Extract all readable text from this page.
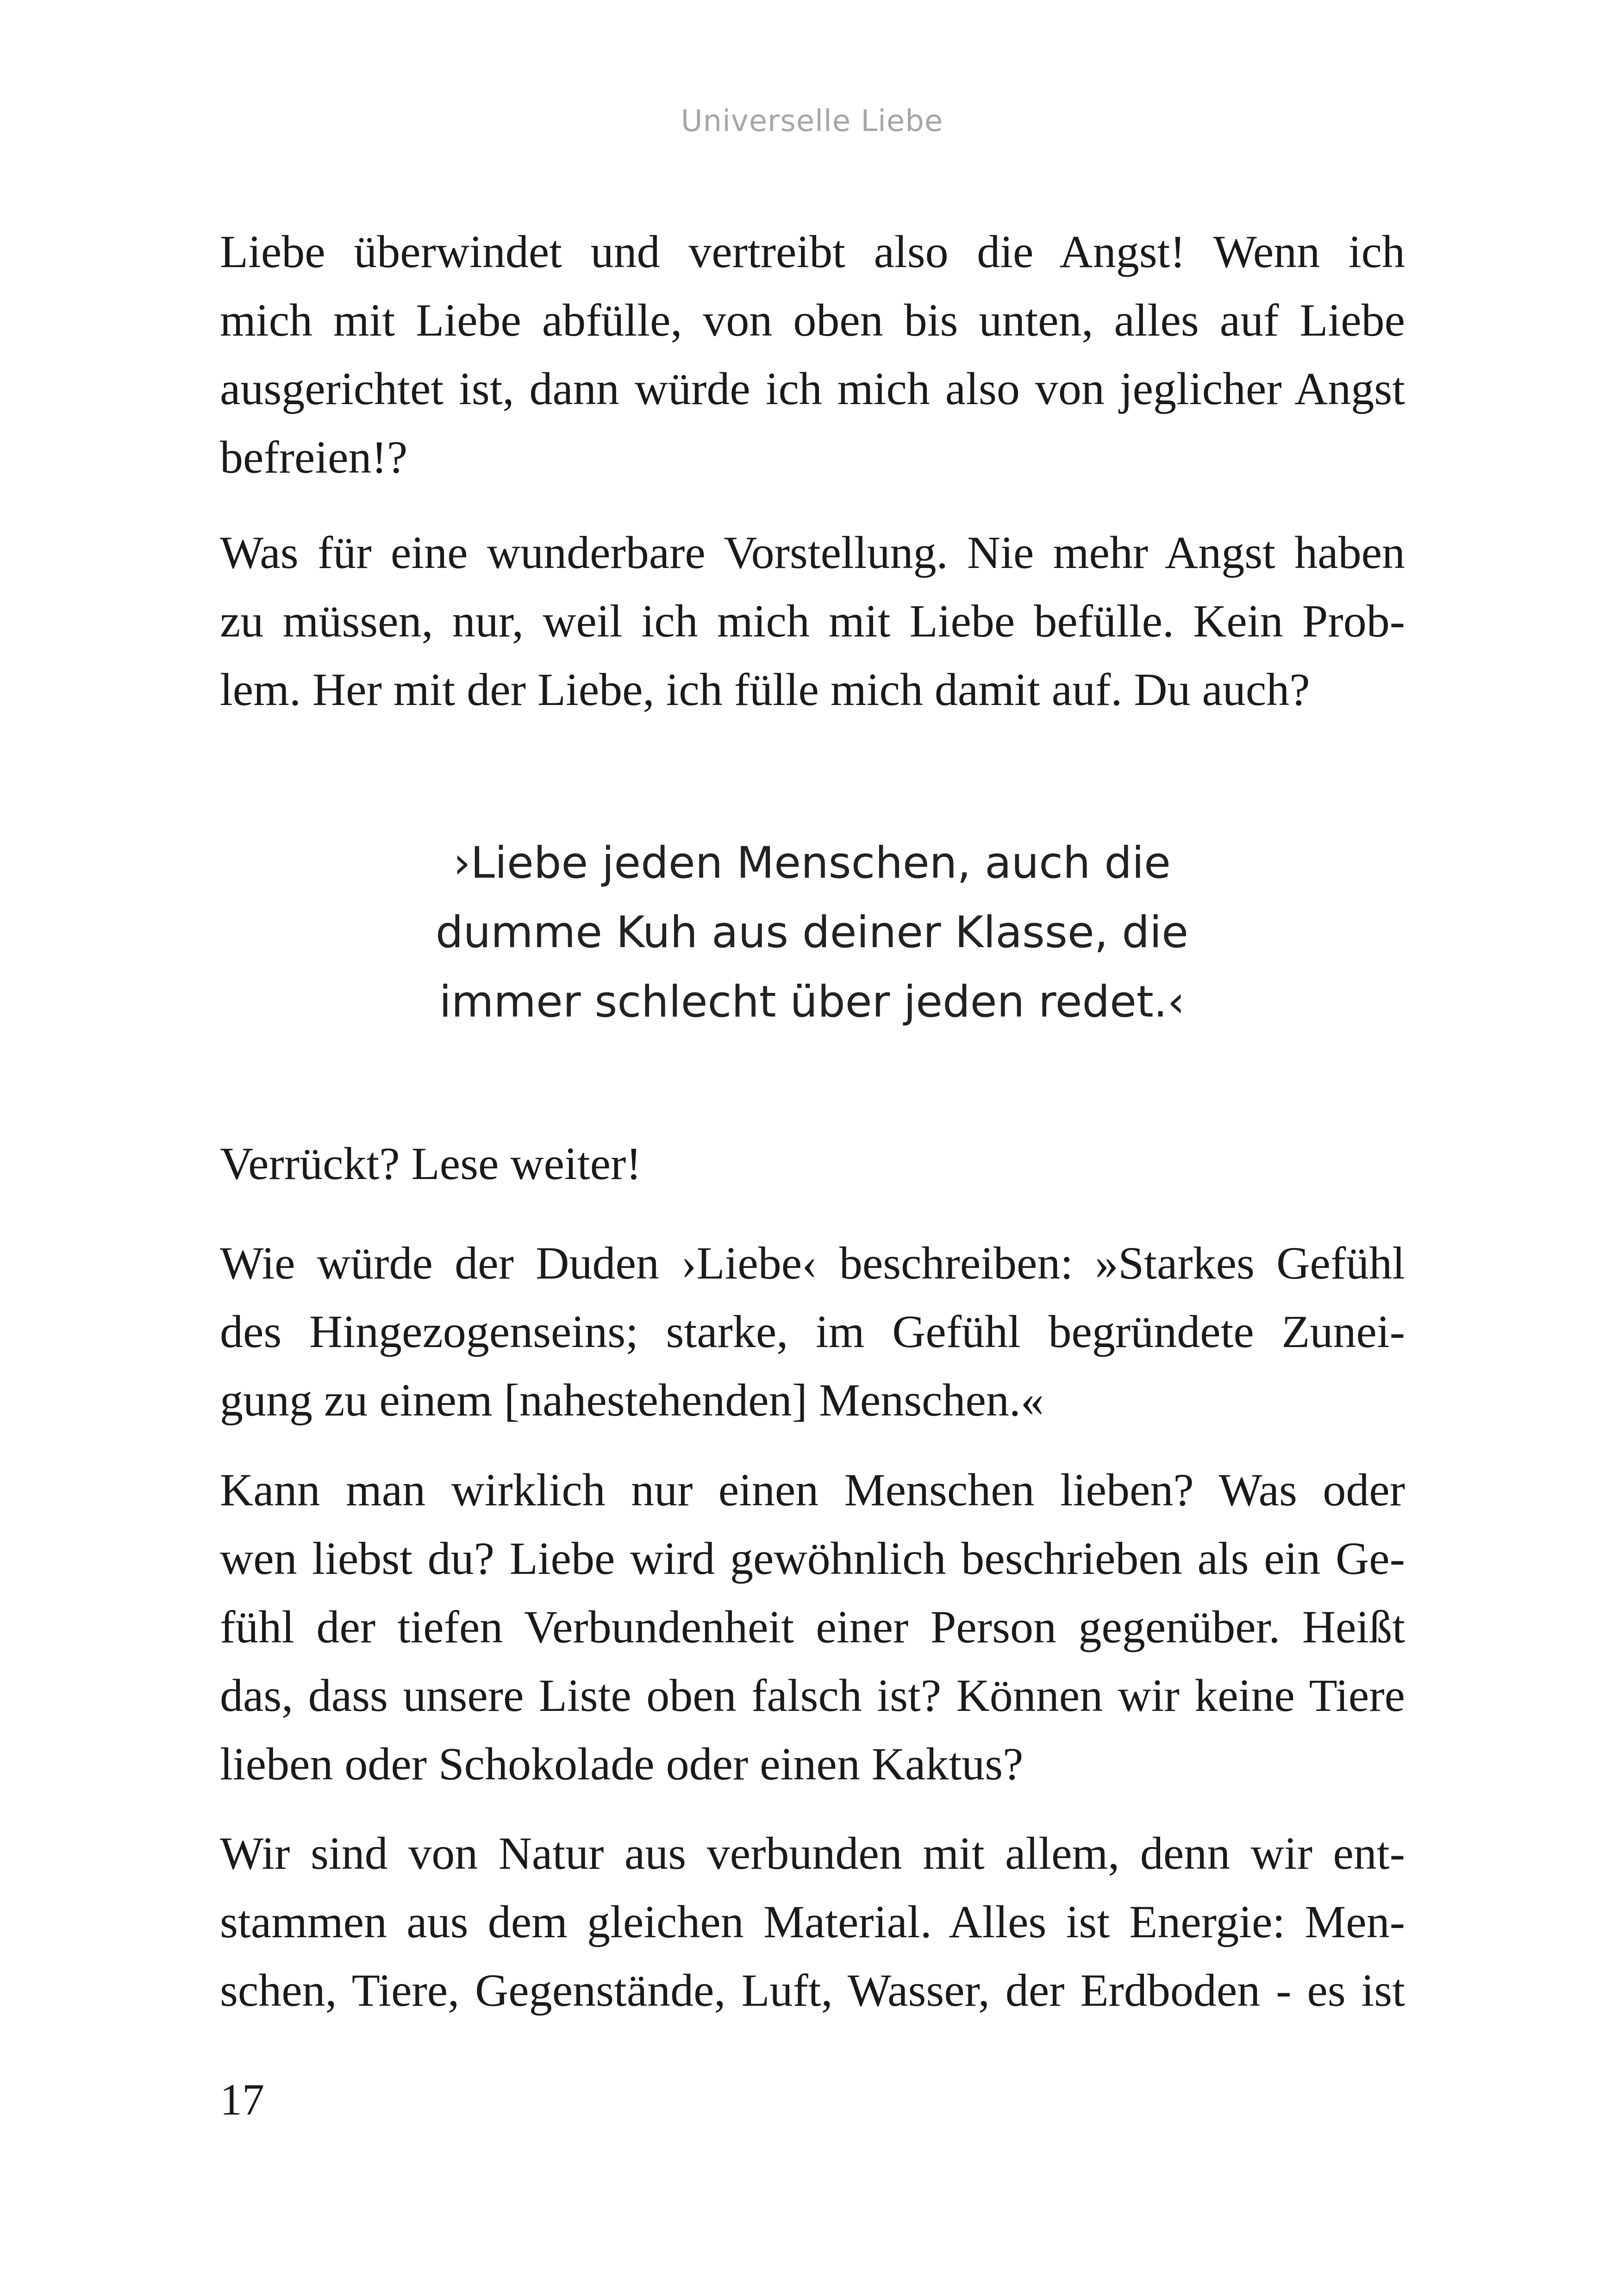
Universelle Liebe

Liebe überwindet und vertreibt also die Angst! Wenn ich
mich mit Liebe abfülle, von oben bis unten, alles auf Liebe
ausgerichtet ist, dann würde ich mich also von jeglicher Angst
befreien!?

Was für eine wunderbare Vorstellung. Nie mehr Angst haben
zu müssen, nur, weil ich mich mit Liebe befülle. Kein Prob-
lem. Her mit der Liebe, ich fülle mich damit auf. Du auch?

›Liebe jeden Menschen, auch die
dumme Kuh aus deiner Klasse, die
immer schlecht über jeden redet.‹

Verrückt? Lese weiter!

Wie würde der Duden ›Liebe‹ beschreiben: »Starkes Gefühl
des Hingezogenseins; starke, im Gefühl begründete Zunei-
gung zu einem [nahestehenden] Menschen.«

Kann man wirklich nur einen Menschen lieben? Was oder
wen liebst du? Liebe wird gewöhnlich beschrieben als ein Ge-
fühl der tiefen Verbundenheit einer Person gegenüber. Heißt
das, dass unsere Liste oben falsch ist? Können wir keine Tiere
lieben oder Schokolade oder einen Kaktus?

Wir sind von Natur aus verbunden mit allem, denn wir ent-
stammen aus dem gleichen Material. Alles ist Energie: Men-
schen, Tiere, Gegenstände, Luft, Wasser, der Erdboden - es ist

17
